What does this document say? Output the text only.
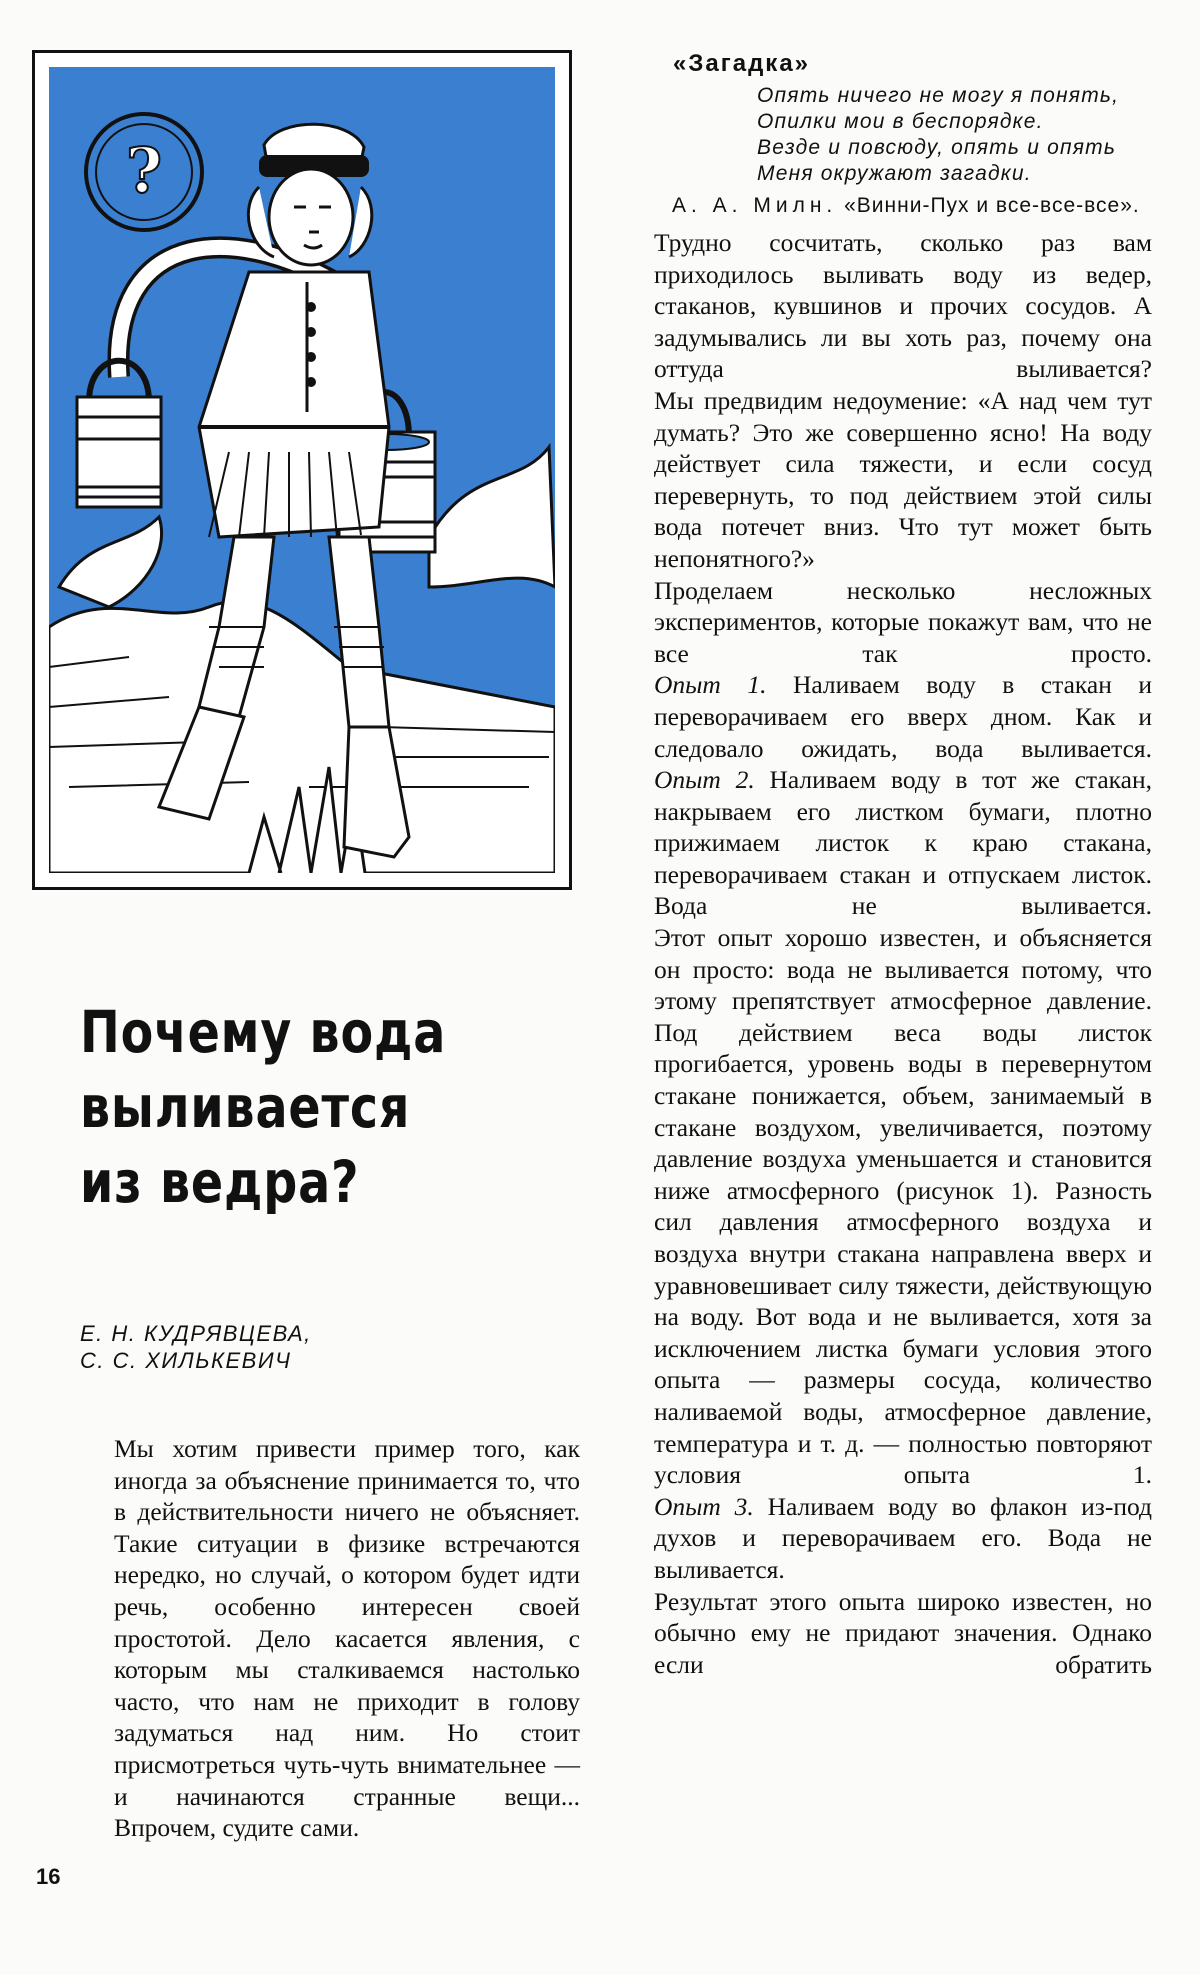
?
Почему вода
выливается
из ведра?
Е. Н. КУДРЯВЦЕВА,
С. С. ХИЛЬКЕВИЧ

Мы хотим привести пример того, как иногда за объяснение принимается то, что в действительности ничего не объясняет. Такие ситуации в физике встречаются нередко, но случай, о котором будет идти речь, особенно интересен своей простотой. Дело касается явления, с которым мы сталкиваемся настолько часто, что нам не приходит в голову задуматься над ним. Но стоит присмотреться чуть-чуть внимательнее — и начинаются странные вещи...

Впрочем, судите сами.

«Загадка»
Опять ничего не могу я понять,
Опилки мои в беспорядке.
Везде и повсюду, опять и опять
Меня окружают загадки.
А. А. Милн. «Винни-Пух и все-все-все».

Трудно сосчитать, сколько раз вам приходилось выливать воду из ведер, стаканов, кувшинов и прочих сосудов. А задумывались ли вы хоть раз, почему она оттуда выливается?

Мы предвидим недоумение: «А над чем тут думать? Это же совершенно ясно! На воду действует сила тяжести, и если сосуд перевернуть, то под действием этой силы вода потечет вниз. Что тут может быть непонятного?»

Проделаем несколько несложных экспериментов, которые покажут вам, что не все так просто.

Опыт 1. Наливаем воду в стакан и переворачиваем его вверх дном. Как и следовало ожидать, вода выливается.

Опыт 2. Наливаем воду в тот же стакан, накрываем его листком бумаги, плотно прижимаем листок к краю стакана, переворачиваем стакан и отпускаем листок. Вода не выливается.

Этот опыт хорошо известен, и объясняется он просто: вода не выливается потому, что этому препятствует атмосферное давление. Под действием веса воды листок прогибается, уровень воды в перевернутом стакане понижается, объем, занимаемый в стакане воздухом, увеличивается, поэтому давление воздуха уменьшается и становится ниже атмосферного (рисунок 1). Разность сил давления атмосферного воздуха и воздуха внутри стакана направлена вверх и уравновешивает силу тяжести, действующую на воду. Вот вода и не выливается, хотя за исключением листка бумаги условия этого опыта — размеры сосуда, количество наливаемой воды, атмосферное давление, температура и т. д. — полностью повторяют условия опыта 1.

Опыт 3. Наливаем воду во флакон из-под духов и переворачиваем его. Вода не выливается.

Результат этого опыта широко известен, но обычно ему не придают значения. Однако если обратить

16
